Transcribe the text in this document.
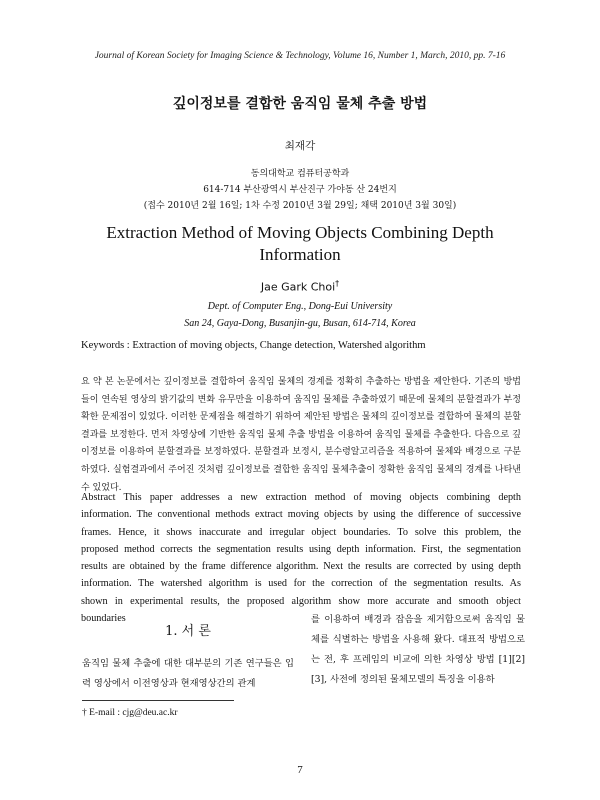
Journal of Korean Society for Imaging Science & Technology, Volume 16, Number 1, March, 2010, pp. 7-16
깊이정보를 결합한 움직임 물체 추출 방법
최재각
동의대학교 컴퓨터공학과
614-714 부산광역시 부산진구 가야동 산 24번지
(접수 2010년 2월 16일; 1차 수정 2010년 3월 29일; 채택 2010년 3월 30일)
Extraction Method of Moving Objects Combining Depth
Information
Jae Gark Choi†
Dept. of Computer Eng., Dong-Eui University
San 24, Gaya-Dong, Busanjin-gu, Busan, 614-714, Korea
Keywords : Extraction of moving objects, Change detection, Watershed algorithm
요 약 본 논문에서는 깊이정보를 결합하여 움직임 물체의 경계를 정확히 추출하는 방법을 제안한다. 기존의 방법들이 연속된 영상의 밝기값의 변화 유무만을 이용하여 움직임 물체를 추출하였기 때문에 물체의 분할결과가 부정확한 문제점이 있었다. 이러한 문제점을 해결하기 위하여 제안된 방법은 물체의 깊이정보를 결합하여 물체의 분할결과를 보정한다. 먼저 차영상에 기반한 움직임 물체 추출 방법을 이용하여 움직임 물체를 추출한다. 다음으로 깊이정보를 이용하여 분할결과를 보정하였다. 분할결과 보정시, 분수령알고리즘을 적용하여 물체와 배경으로 구분하였다. 실험결과에서 주어진 것처럼 깊이정보를 결합한 움직임 물체추출이 정확한 움직임 물체의 경계를 나타낸 수 있었다.
Abstract This paper addresses a new extraction method of moving objects combining depth
information. The conventional methods extract moving objects by using the difference of successive
frames. Hence, it shows inaccurate and irregular object boundaries. To solve this problem, the
proposed method corrects the segmentation results using depth information. First, the segmentation
results are obtained by the frame difference algorithm. Next the results are corrected by using depth
information. The watershed algorithm is used for the correction of the segmentation results. As
shown in experimental results, the proposed algorithm show more accurate and smooth object
boundaries
1. 서 론
움직임 물체 추출에 대한 대부분의 기존 연구들은 입력 영상에서 이전영상과 현재영상간의 관계
를 이용하여 배경과 잡음을 제거함으로써 움직임 물체를 식별하는 방법을 사용해 왔다. 대표적 방법으로는 전, 후 프레임의 비교에 의한 차영상 방법 [1][2][3], 사전에 정의된 물체모델의 특징을 이용하
† E-mail : cjg@deu.ac.kr
7
